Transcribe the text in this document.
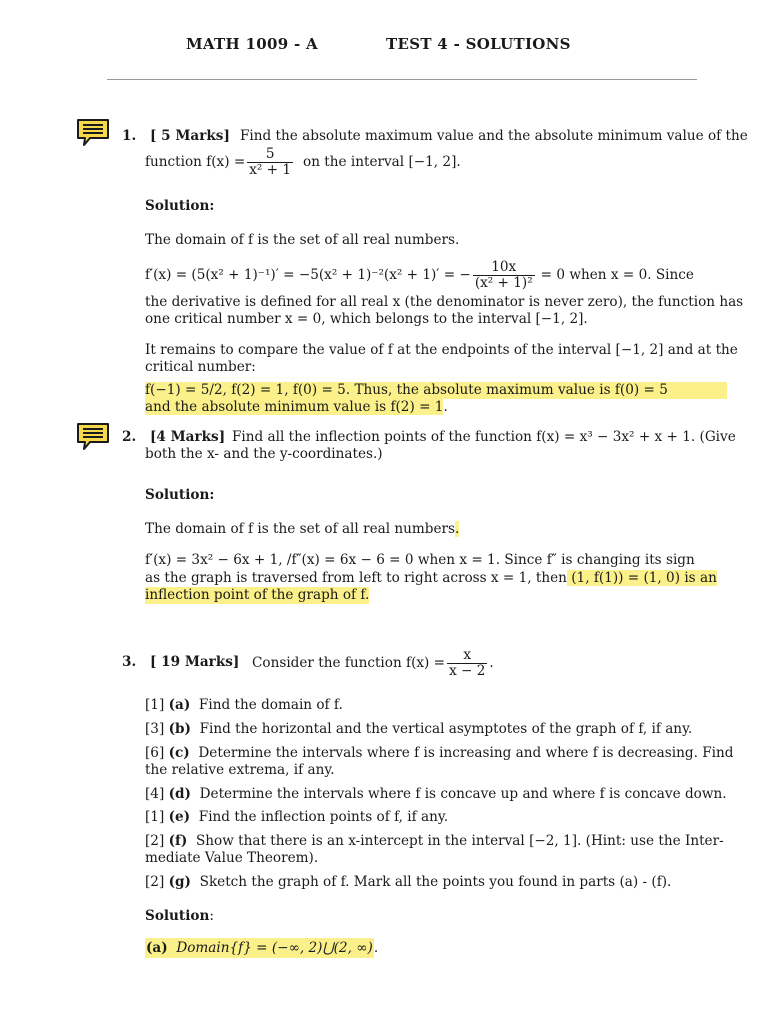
MATH 1009 - A	TEST 4 - SOLUTIONS
1. [ 5 Marks] Find the absolute maximum value and the absolute minimum value of the
function $f(x) = \frac{5}{\text{x² + 1}}$ on the interval [−1, 2].
Solution:
The domain of f is the set of all real numbers.
f′(x) = (5(x² + 1)⁻¹)′ = −5(x² + 1)⁻²(x² + 1)′ = − $\frac{10x}{\text{(x² + 1)²}} = 0$ when x = 0. Since
the derivative is defined for all real x (the denominator is never zero), the function has
one critical number x = 0, which belongs to the interval [−1, 2].
It remains to compare the value of f at the endpoints of the interval [−1, 2] and at the
critical number:
f(−1) = 5/2, f(2) = 1, f(0) = 5. Thus, the absolute maximum value is f(0) = 5
and the absolute minimum value is f(2) = 1.
2. [4 Marks] Find all the inflection points of the function f(x) = x³ − 3x² + x + 1. (Give
both the x- and the y-coordinates.)
Solution:
The domain of f is the set of all real numbers.
f′(x) = 3x² − 6x + 1, /f″(x) = 6x − 6 = 0 when x = 1. Since f″ is changing its sign
as the graph is traversed from left to right across x = 1, then (1, f(1)) = (1, 0) is an
inflection point of the graph of f.
3. [ 19 Marks] Consider the function $f(x) = \frac{x}{x - 2}$ .
[1] (a) Find the domain of f.
[3] (b) Find the horizontal and the vertical asymptotes of the graph of f, if any.
[6] (c) Determine the intervals where f is increasing and where f is decreasing. Find
the relative extrema, if any.
[4] (d) Determine the intervals where f is concave up and where f is concave down.
[1] (e) Find the inflection points of f, if any.
[2] (f) Show that there is an x-intercept in the interval [−2, 1]. (Hint: use the Inter-
mediate Value Theorem).
[2] (g) Sketch the graph of f. Mark all the points you found in parts (a) - (f).
Solution:
(a) Domain{f} = (−∞, 2)⋃(2, ∞).
